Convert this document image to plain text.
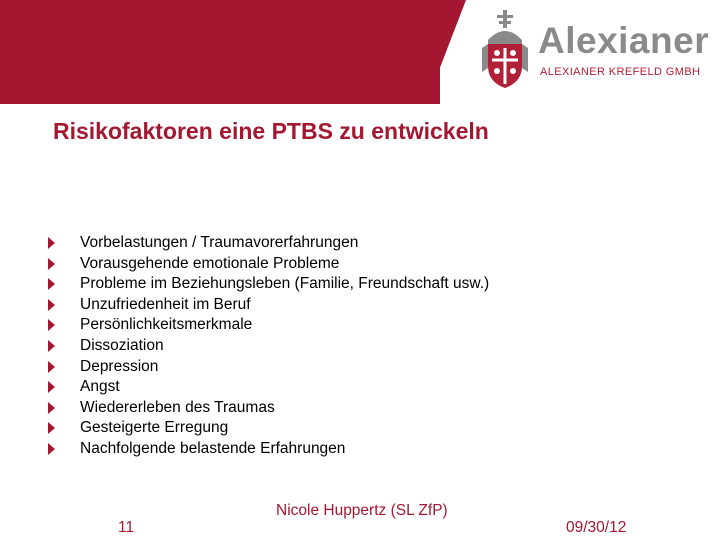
Alexianer
ALEXIANER KREFELD GMBH
Risikofaktoren eine PTBS zu entwickeln
Vorbelastungen / Traumavorerfahrungen
Vorausgehende emotionale Probleme
Probleme im Beziehungsleben (Familie, Freundschaft usw.)
Unzufriedenheit im Beruf
Persönlichkeitsmerkmale
Dissoziation
Depression
Angst
Wiedererleben des Traumas
Gesteigerte Erregung
Nachfolgende belastende Erfahrungen
Nicole Huppertz (SL ZfP)
11	09/30/12
